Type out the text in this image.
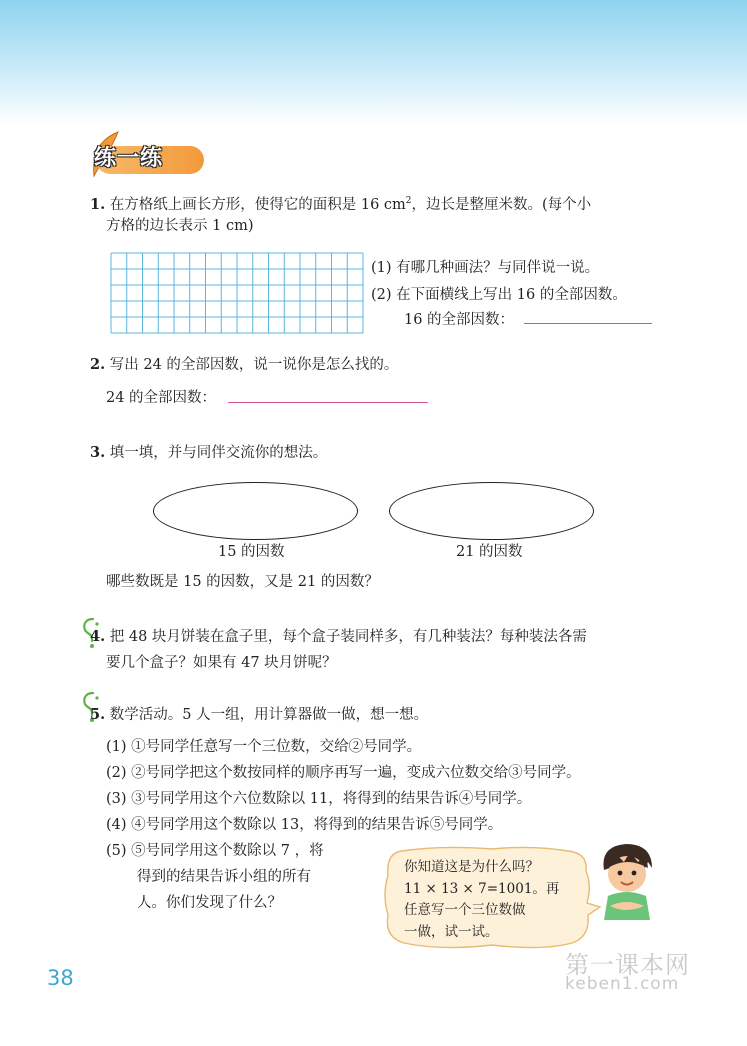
练一练
1. 在方格纸上画长方形，使得它的面积是 16 $cm^2$，边长是整厘米数。(每个小
方格的边长表示 1 cm)
(1) 有哪几种画法？与同伴说一说。
(2) 在下面横线上写出 16 的全部因数。
16 的全部因数：
2. 写出 24 的全部因数，说一说你是怎么找的。
24 的全部因数：
3. 填一填，并与同伴交流你的想法。
15 的因数	21 的因数
哪些数既是 15 的因数，又是 21 的因数？
4. 把 48 块月饼装在盒子里，每个盒子装同样多，有几种装法？每种装法各需
要几个盒子？如果有 47 块月饼呢？
5. 数学活动。5 人一组，用计算器做一做，想一想。
(1) ①号同学任意写一个三位数，交给②号同学。
(2) ②号同学把这个数按同样的顺序再写一遍，变成六位数交给③号同学。
(3) ③号同学用这个六位数除以 11，将得到的结果告诉④号同学。
(4) ④号同学用这个数除以 13，将得到的结果告诉⑤号同学。
(5) ⑤号同学用这个数除以 7 ，将
得到的结果告诉小组的所有
人。你们发现了什么？
你知道这是为什么吗？
11 × 13 × 7=1001。再
任意写一个三位数做
一做，试一试。
38	第一课本网
keben1.com
